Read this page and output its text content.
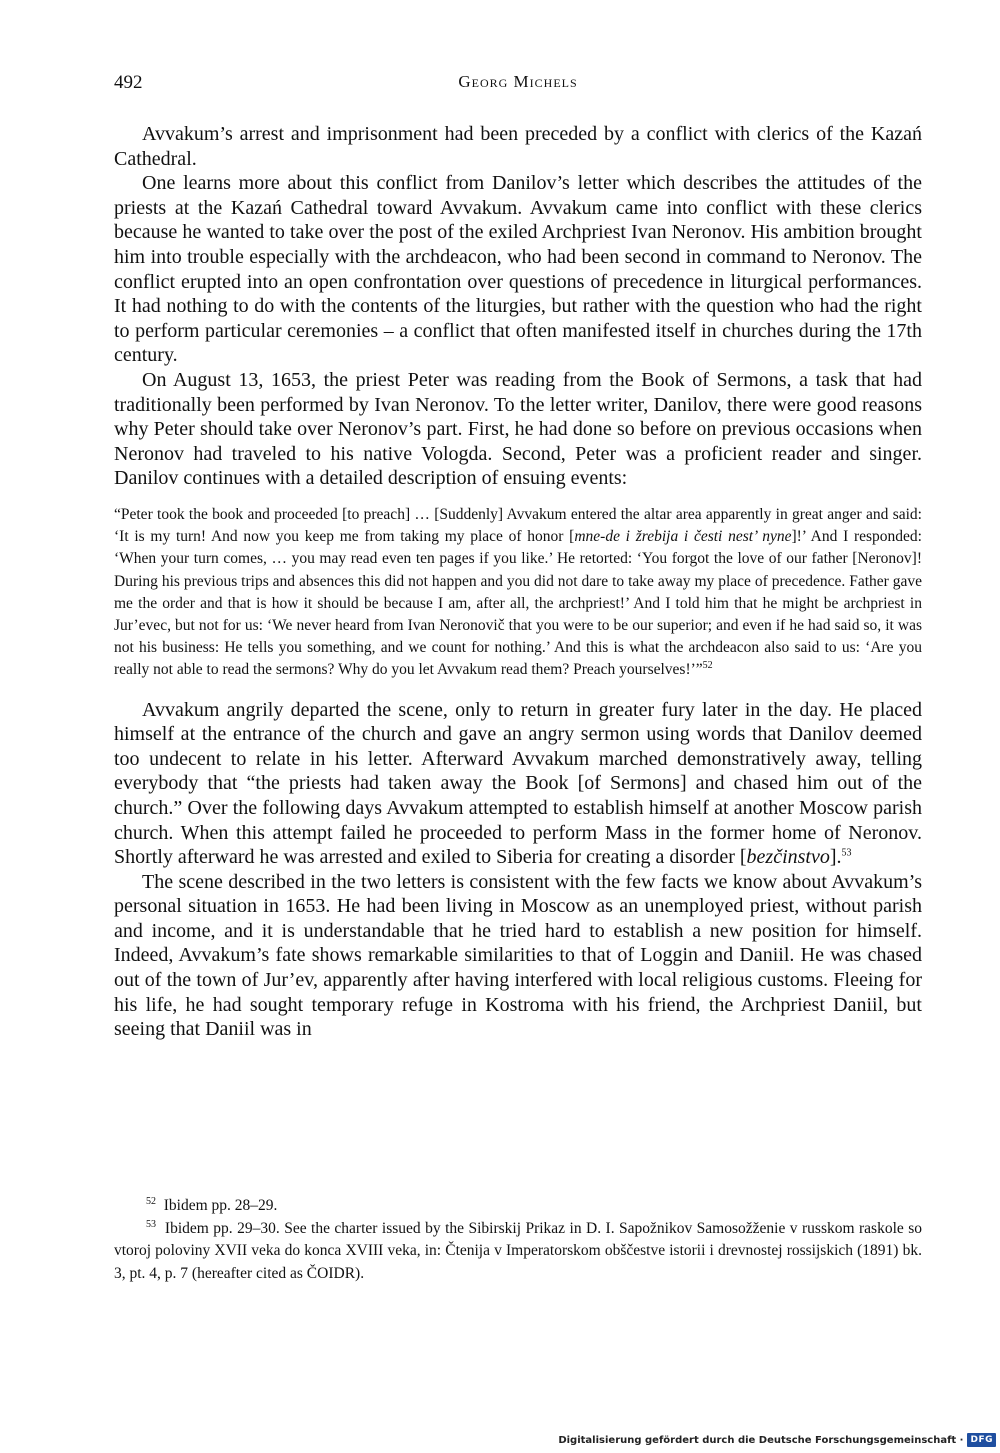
492	Georg Michels

Avvakum’s arrest and imprisonment had been preceded by a conflict with clerics of the Kazań Cathedral.

One learns more about this conflict from Danilov’s letter which describes the attitudes of the priests at the Kazań Cathedral toward Avvakum. Avvakum came into conflict with these clerics because he wanted to take over the post of the exiled Archpriest Ivan Neronov. His ambition brought him into trouble especially with the archdeacon, who had been second in command to Neronov. The conflict erupted into an open confrontation over questions of precedence in liturgical performances. It had nothing to do with the contents of the liturgies, but rather with the question who had the right to perform particular ceremonies – a conflict that often manifested itself in churches during the 17th century.

On August 13, 1653, the priest Peter was reading from the Book of Sermons, a task that had traditionally been performed by Ivan Neronov. To the letter writer, Danilov, there were good reasons why Peter should take over Neronov’s part. First, he had done so before on previous occasions when Neronov had traveled to his native Vologda. Second, Peter was a proficient reader and singer. Danilov continues with a detailed description of ensuing events:

“Peter took the book and proceeded [to preach] … [Suddenly] Avvakum entered the altar area apparently in great anger and said: ‘It is my turn! And now you keep me from taking my place of honor [mne-de i žrebija i česti nest’ nyne]!’ And I responded: ‘When your turn comes, … you may read even ten pages if you like.’ He retorted: ‘You forgot the love of our father [Neronov]! During his previous trips and absences this did not happen and you did not dare to take away my place of precedence. Father gave me the order and that is how it should be because I am, after all, the archpriest!’ And I told him that he might be archpriest in Jur’evec, but not for us: ‘We never heard from Ivan Neronovič that you were to be our superior; and even if he had said so, it was not his business: He tells you something, and we count for nothing.’ And this is what the archdeacon also said to us: ‘Are you really not able to read the sermons? Why do you let Avvakum read them? Preach yourselves!’”$^{52}$

Avvakum angrily departed the scene, only to return in greater fury later in the day. He placed himself at the entrance of the church and gave an angry sermon using words that Danilov deemed too undecent to relate in his letter. Afterward Avvakum marched demonstratively away, telling everybody that “the priests had taken away the Book [of Sermons] and chased him out of the church.” Over the following days Avvakum attempted to establish himself at another Moscow parish church. When this attempt failed he proceeded to perform Mass in the former home of Neronov. Shortly afterward he was arrested and exiled to Siberia for creating a disorder [bezčinstvo].$^{53}$

The scene described in the two letters is consistent with the few facts we know about Avvakum’s personal situation in 1653. He had been living in Moscow as an unemployed priest, without parish and income, and it is understandable that he tried hard to establish a new position for himself. Indeed, Avvakum’s fate shows remarkable similarities to that of Loggin and Daniil. He was chased out of the town of Jur’ev, apparently after having interfered with local religious customs. Fleeing for his life, he had sought temporary refuge in Kostroma with his friend, the Archpriest Daniil, but seeing that Daniil was in

$^{52}$ Ibidem pp. 28–29.

$^{53}$ Ibidem pp. 29–30. See the charter issued by the Sibirskij Prikaz in D. I. Sapožnikov Samosožženie v russkom raskole so vtoroj poloviny XVII veka do konca XVIII veka, in: Čtenija v Imperatorskom obščestve istorii i drevnostej rossijskich (1891) bk. 3, pt. 4, p. 7 (hereafter cited as ČOIDR).

Digitalisierung gefördert durch die Deutsche Forschungsgemeinschaft · DFG
